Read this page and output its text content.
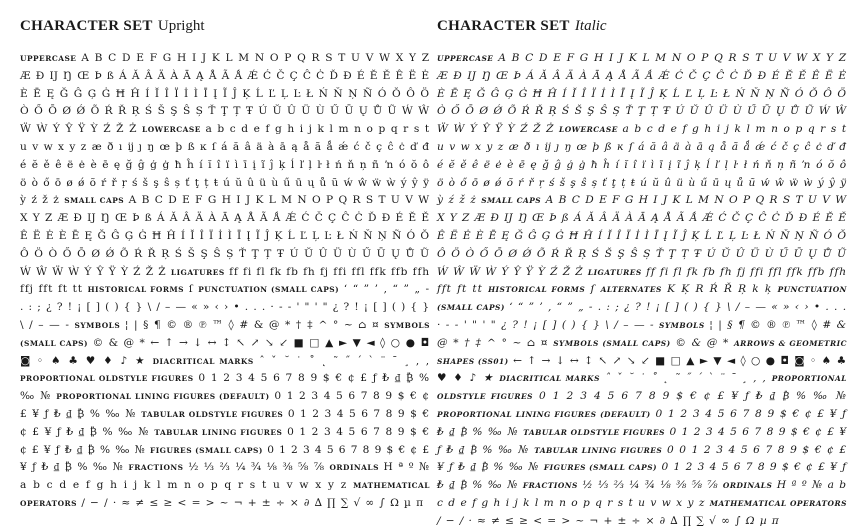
CHARACTER SET Upright
UPPERCASE A B C D E F G H I J K L M N O P Q R S T U V W X Y Z Æ Ð Ĳ Ŋ Œ Þ ß Á Ă Â Ä À Ā Ą Å Ã Ǻ Ǽ Ć Č Ç Ĉ Ċ Ď Đ É Ĕ Ě Ê Ë Ė È Ē Ę Ğ Ĝ Ģ Ġ Ħ Ĥ Í Ĭ Î Ï İ Ì Ī Į Ĩ Ĵ Ķ Ĺ Ľ Ļ Ŀ Ł Ń Ň Ņ Ñ Ó Ŏ Ô Ö Ò Ő Ō Ø Ǿ Õ Ŕ Ř Ŗ Ś Š Ş Ŝ Ș Ť Ţ Ț Ŧ Ú Ŭ Û Ü Ù Ű Ū Ų Ů Ũ Ẃ Ŵ Ẅ Ẁ Ý Ŷ Ÿ Ỳ Ź Ž Ż LOWERCASE a b c d e f g h i j k l m n o p q r s t u v w x y z æ ð ı ĳ ȷ ŋ œ þ ß ĸ ſ á ă â ä à ā ą å ã ǻ ǽ ć č ç ĉ ċ ď đ é ĕ ě ê ë ė è ē ę ğ ĝ ģ ġ ħ ĥ í ĭ î ï ì ī į ĩ ĵ ķ ĺ ľ ļ ŀ ł ń ň ņ ñ ŉ ó ŏ ô ö ò ő ō ø ǿ õ ŕ ř ŗ ś š ş ŝ ș ť ţ ț ŧ ú ŭ û ü ù ű ū ų ů ũ ẃ ŵ ẅ ẁ ý ŷ ÿ ỳ ź ž ż SMALL CAPS A B C D E F G H I J K L M N O P Q R S T U V W X Y Z Æ Ð Ĳ Ŋ Œ Þ ß Á Ă Â Ä À Ā Ą Å Ã Ǻ Ǽ Ć Č Ç Ĉ Ċ Ď Đ É Ĕ Ě Ê Ë Ė È Ē Ę Ğ Ĝ Ģ Ġ Ħ Ĥ Í Ĭ Î Ï İ Ì Ī Į Ĩ Ĵ Ķ Ĺ Ľ Ļ Ŀ Ł Ń Ň Ņ Ñ Ó Ŏ Ô Ö Ò Ő Ō Ø Ǿ Õ Ŕ Ř Ŗ Ś Š Ş Ŝ Ș Ť Ţ Ț Ŧ Ú Ŭ Û Ü Ù Ű Ū Ų Ů Ũ Ẃ Ŵ Ẅ Ẁ Ý Ŷ Ÿ Ỳ Ź Ž Ż LIGATURES ff fi fl fk fb fh fj ffi ffl ffk ffb ffh ffj fft ft tt HISTORICAL FORMS ſ PUNCTUATION (SMALL CAPS) ‘ “ ” ’ , “ ” „ - . : ; ¿ ? ! ¡ [ ] ( ) { } \ / – — « » ‹ › • . . . · - - ' " ' " ¿ ? ! ¡ [ ] ( ) { } \ / – — - SYMBOLS ¦ | § ¶ © ® ℗ ™ ◊ # & @ * † ‡ ^ ° ~ ⌂ ¤ SYMBOLS (SMALL CAPS) © & @ * ← ↑ → ↓ ↔ ↕ ↖ ↗ ↘ ↙ ■ □ ▲ ► ▼ ◄ ◊ ○ ● ◘ ◙ ◦ ♠ ♣ ♥ ♦ ♪ ★ DIACRITICAL MARKS ˆ ˇ ˘ ˙ ˚ ˛ ˜ ˝ ´ ` ¨ ¯ ¸ ‚ , PROPORTIONAL OLDSTYLE FIGURES 0 1 2 3 4 5 6 7 8 9 $ € ¢ £ ƒ ₺ ₫ ₿ % ‰ № PROPORTIONAL LINING FIGURES (DEFAULT) 0 1 2 3 4 5 6 7 8 9 $ € ¢ £ ¥ ƒ ₺ ₫ ₿ % ‰ № TABULAR OLDSTYLE FIGURES 0 1 2 3 4 5 6 7 8 9 $ € ¢ £ ¥ ƒ ₺ ₫ ₿ % ‰ № TABULAR LINING FIGURES 0 1 2 3 4 5 6 7 8 9 $ € ¢ £ ¥ ƒ ₺ ₫ ₿ % ‰ № FIGURES (SMALL CAPS) 0 1 2 3 4 5 6 7 8 9 $ € ¢ £ ¥ ƒ ₺ ₫ ₿ % ‰ № FRACTIONS ½ ⅓ ⅔ ¼ ¾ ⅛ ⅜ ⅝ ⅞ ORDINALS H ª º № a b c d e f g h i j k l m n o p q r s t u v w x y z MATHEMATICAL OPERATORS / − / · ≈ ≠ ≤ ≥ < = > ~ ¬ + ± ÷ × ∂ ∆ ∏ ∑ √ ∞ ∫ Ω µ π
CHARACTER SET Italic
UPPERCASE A B C D E F G H I J K L M N O P Q R S T U V W X Y Z Æ Ð Ĳ Ŋ Œ Þ Á Ă Â Ä À Ā Ą Å Ã Ǻ Ǽ Ć Č Ç Ĉ Ċ Ď Đ É Ĕ Ě Ê Ë Ė È Ē Ę Ğ Ĝ Ģ Ġ Ħ Ĥ Í Ĭ Î Ï İ Ì Ī Į Ĩ Ĵ Ķ Ĺ Ľ Ļ Ŀ Ł Ń Ň Ņ Ñ Ó Ŏ Ô Ö Ò Ő Ō Ø Ǿ Õ Ŕ Ř Ŗ Ś Š Ş Ŝ Ș Ť Ţ Ț Ŧ Ú Ŭ Û Ü Ù Ű Ū Ų Ů Ũ Ẃ Ŵ Ẅ Ẁ Ý Ŷ Ÿ Ỳ Ź Ž Ż LOWERCASE a b c d e f g h i j k l m n o p q r s t u v w x y z æ ð ı ĳ ȷ ŋ œ þ ß ĸ ſ á ă â ä à ā ą å ã ǻ ǽ ć č ç ĉ ċ ď đ é ĕ ě ê ë ė è ē ę ğ ĝ ģ ġ ħ ĥ í ĭ î ï ì ī į ĩ ĵ ķ ĺ ľ ļ ŀ ł ń ň ņ ñ ŉ ó ŏ ô ö ò ő ō ø ǿ õ ŕ ř ŗ ś š ş ŝ ș ť ţ ț ŧ ú ŭ û ü ù ű ū ų ů ũ ẃ ŵ ẅ ẁ ý ŷ ÿ ỳ ź ž ż SMALL CAPS A B C D E F G H I J K L M N O P Q R S T U V W X Y Z Æ Ð Ĳ Ŋ Œ Þ ß Á Ă Â Ä À Ā Ą Å Ã Ǻ Ǽ Ć Č Ç Ĉ Ċ Ď Đ É Ĕ Ě Ê Ë Ė È Ē Ę Ğ Ĝ Ģ Ġ Ħ Ĥ Í Ĭ Î Ï İ Ì Ī Į Ĩ Ĵ Ķ Ĺ Ľ Ļ Ŀ Ł Ń Ň Ņ Ñ Ó Ŏ Ô Ö Ò Ő Ō Ø Ǿ Õ Ŕ Ř Ŗ Ś Š Ş Ŝ Ș Ť Ţ Ț Ŧ Ú Ŭ Û Ü Ù Ű Ū Ų Ů Ũ Ẃ Ŵ Ẅ Ẁ Ý Ŷ Ÿ Ỳ Ź Ž Ż LIGATURES ff fi fl fk fb fh fj ffi ffl ffk ffb ffh fft ft tt HISTORICAL FORMS ſ ALTERNATES K Ķ R Ŕ Ř Ŗ k ķ PUNCTUATION (SMALL CAPS) ‘ “ ” ’ , “ ” „ - . : ; ¿ ? ! ¡ [ ] ( ) { } \ / – — « » ‹ › • . . . · - - ' " ' " ¿ ? ! ¡ [ ] ( ) { } \ / – — - SYMBOLS ¦ | § ¶ © ® ℗ ™ ◊ # & @ * † ‡ ^ ° ~ ⌂ ¤ SYMBOLS (SMALL CAPS) © & @ * ARROWS & GEOMETRIC SHAPES (SS01) ← ↑ → ↓ ↔ ↕ ↖ ↗ ↘ ↙ ■ □ ▲ ► ▼ ◄ ◊ ○ ● ◘ ◙ ◦ ♠ ♣ ♥ ♦ ♪ ★ DIACRITICAL MARKS ˆ ˇ ˘ ˙ ˚ ˛ ˜ ˝ ´ ` ¨ ¯ ¸ ‚ , PROPORTIONAL OLDSTYLE FIGURES 0 1 2 3 4 5 6 7 8 9 $ € ¢ £ ¥ ƒ ₺ ₫ ₿ % ‰ № PROPORTIONAL LINING FIGURES (DEFAULT) 0 1 2 3 4 5 6 7 8 9 $ € ¢ £ ¥ ƒ ₺ ₫ ₿ % ‰ № TABULAR OLDSTYLE FIGURES 0 1 2 3 4 5 6 7 8 9 $ € ¢ £ ¥ ƒ ₺ ₫ ₿ % ‰ № TABULAR LINING FIGURES 0 0 1 2 3 4 5 6 7 8 9 $ € ¢ £ ¥ ƒ ₺ ₫ ₿ % ‰ № FIGURES (SMALL CAPS) 0 1 2 3 4 5 6 7 8 9 $ € ¢ £ ¥ ƒ ₺ ₫ ₿ % ‰ № FRACTIONS ½ ⅓ ⅔ ¼ ¾ ⅛ ⅜ ⅝ ⅞ ORDINALS H ª º № a b c d e f g h i j k l m n o p q r s t u v w x y z MATHEMATICAL OPERATORS / − / · ≈ ≠ ≤ ≥ < = > ~ ¬ + ± ÷ × ∂ ∆ ∏ ∑ √ ∞ ∫ Ω µ π
